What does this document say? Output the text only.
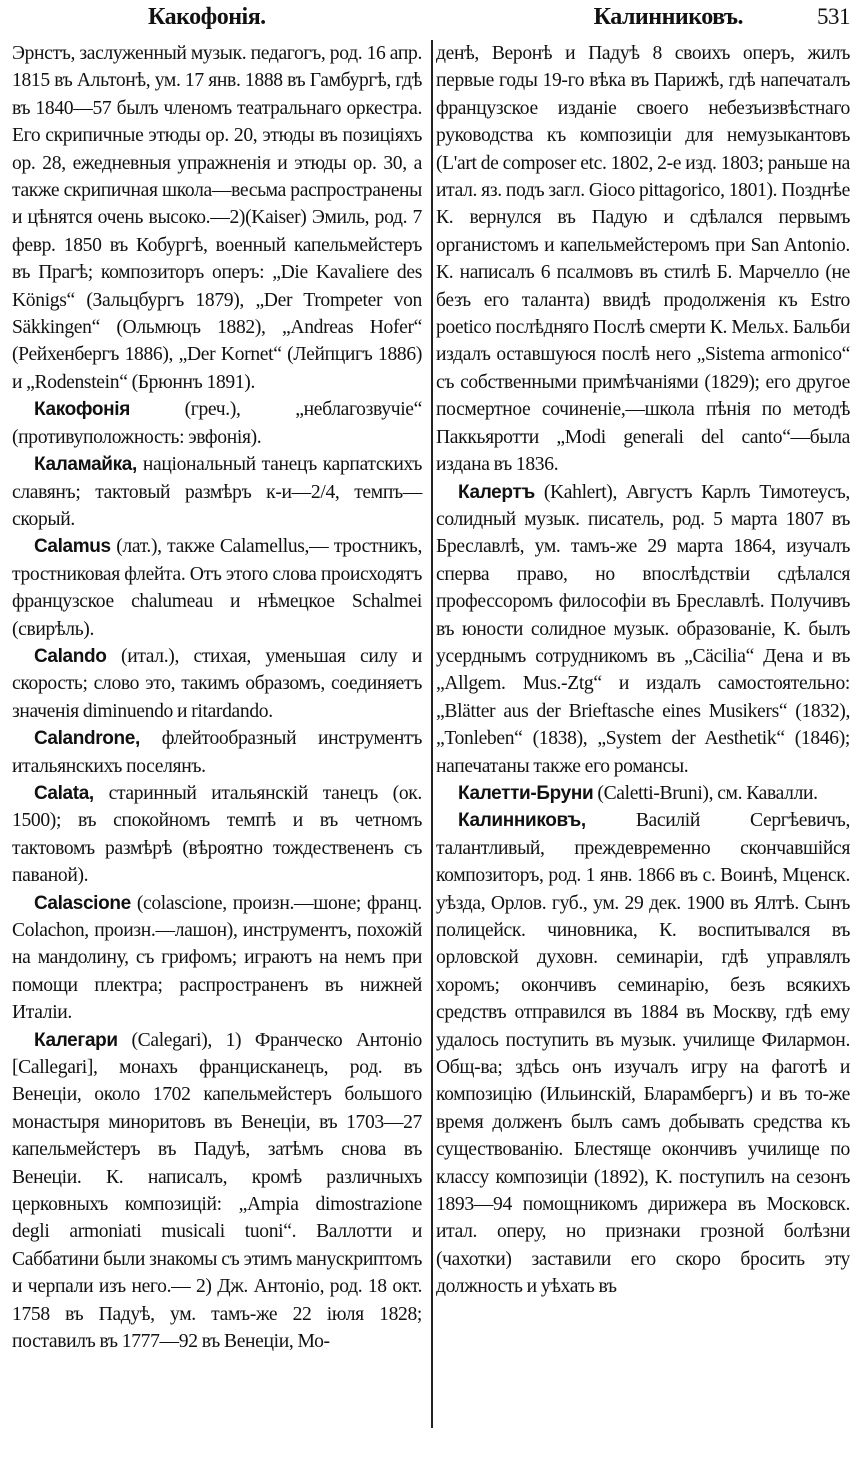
Какофонія.	Калинниковъ.	531

Эрнстъ, заслуженный музык. педагогъ, род. 16 апр. 1815 въ Альтонѣ, ум. 17 янв. 1888 въ Гамбургѣ, гдѣ въ 1840—57 былъ членомъ театральнаго оркестра. Его скрипичные этюды ор. 20, этюды въ позиціяхъ ор. 28, ежедневныя упражненія и этюды ор. 30, а также скрипичная школа—весьма распространены и цѣнятся очень высоко.—2)(Kaiser) Эмиль, род. 7 февр. 1850 въ Кобургѣ, военный капельмейстеръ въ Прагѣ; композиторъ оперъ: „Die Kavaliere des Königs“ (Зальцбургъ 1879), „Der Trompeter von Säkkingen“ (Ольмюцъ 1882), „Andreas Hofer“ (Рейхенбергъ 1886), „Der Kornet“ (Лейпцигъ 1886) и „Rodenstein“ (Брюннъ 1891).

Какофонія	(греч.), „неблагозвучіе“ (противуположность: эвфонія).

Каламайка, національный танецъ карпатскихъ славянъ; тактовый размѣръ к-и—2/4, темпъ—скорый.

Calamus (лат.), также Calamellus,— тростникъ, тростниковая флейта. Отъ этого слова происходятъ французское chalumeau и нѣмецкое Schalmei (свирѣль).

Calando (итал.), стихая, уменьшая силу и скорость; слово это, такимъ образомъ, соединяетъ значенія diminuendo и ritardando.

Calandrone, флейтообразный инструментъ итальянскихъ поселянъ.

Calata, старинный итальянскій танецъ (ок. 1500); въ спокойномъ темпѣ и въ четномъ тактовомъ размѣрѣ (вѣроятно тождествененъ съ павaной).

Calascione (colascione, произн.—шоне; франц. Colachon, произн.—лашон), инструментъ, похожій на мандолину, съ грифомъ; играютъ на немъ при помощи плектра; распространенъ въ нижней Италіи.

Калегари (Calegari), 1) Франческо Антоніо [Callegari], монахъ францисканецъ, род. въ Венеціи, около 1702 капельмейстеръ большого монастыря миноритовъ въ Венеціи, въ 1703—27 капельмейстеръ въ Падуѣ, затѣмъ снова въ Венеціи. К. написалъ, кромѣ различныхъ церковныхъ композицій: „Ampia dimostrazione degli armoniati musicali tuoni“. Валлотти и Саббатини были знакомы съ этимъ манускриптомъ и черпали изъ него.— 2) Дж. Антоніо, род. 18 окт. 1758 въ Падуѣ, ум. тамъ-же 22 іюля 1828; поставилъ въ 1777—92 въ Венеціи, Мо-

денѣ, Веронѣ и Падуѣ 8 своихъ оперъ, жилъ первые годы 19-го вѣка въ Парижѣ, гдѣ напечаталъ французское изданіе своего небезъизвѣстнаго руководства къ композиціи для немузыкантовъ (L'art de composer etc. 1802, 2-е изд. 1803; раньше на итал. яз. подъ загл. Gioco pittagorico, 1801). Позднѣе К. вернулся въ Падую и сдѣлался первымъ органистомъ и капельмейстеромъ при San Antonio. К. написалъ 6 псалмовъ въ стилѣ Б. Марчелло (не безъ его таланта) ввидѣ продолженія къ Estro poetico послѣдняго Послѣ смерти К. Мельх. Бальби издалъ оставшуюся послѣ него „Sistema armonico“ съ собственными примѣчаніями (1829); его другое посмертное сочиненіе,—школа пѣнія по методѣ Паккьяротти „Modi generali del canto“—была издана въ 1836.

Калертъ (Kahlert), Августъ Карлъ Тимотеусъ, солидный музык. писатель, род. 5 марта 1807 въ Бреславлѣ, ум. тамъ-же 29 марта 1864, изучалъ сперва право, но впослѣдствіи сдѣлался профессоромъ философіи въ Бреславлѣ. Получивъ въ юности солидное музык. образованіе, К. былъ усерднымъ сотрудникомъ въ „Cäcilia“ Дена и въ „Allgem. Mus.-Ztg“ и издалъ самостоятельно: „Blätter aus der Brieftasche eines Musikers“ (1832), „Tonleben“ (1838), „System der Aesthetik“ (1846); напечатаны также его романсы.

Калетти-Бруни (Caletti-Bruni), см. Кавалли.

Калинниковъ,	Василій Сергѣевичъ, талантливый, преждевременно скончавшійся композиторъ, род. 1 янв. 1866 въ с. Воинѣ, Мценск. уѣзда, Орлов. губ., ум. 29 дек. 1900 въ Ялтѣ. Сынъ полицейск. чиновника, К. воспитывался въ орловской духовн. семинаріи, гдѣ управлялъ хоромъ; окончивъ семинарію, безъ всякихъ средствъ отправился въ 1884 въ Москву, гдѣ ему удалось поступить въ музык. училище Филармон. Общ-ва; здѣсь онъ изучалъ игру на фаготѣ и композицію (Ильинскій, Блaрамбергъ) и въ то-же время долженъ былъ самъ добывать средства къ существованію. Блестяще окончивъ училище по классу композиціи (1892), К. поступилъ на сезонъ 1893—94 помощникомъ дирижера въ Московск. итал. оперу, но признаки грозной болѣзни (чахотки) заставили его скоро бросить эту должность и уѣхать въ
